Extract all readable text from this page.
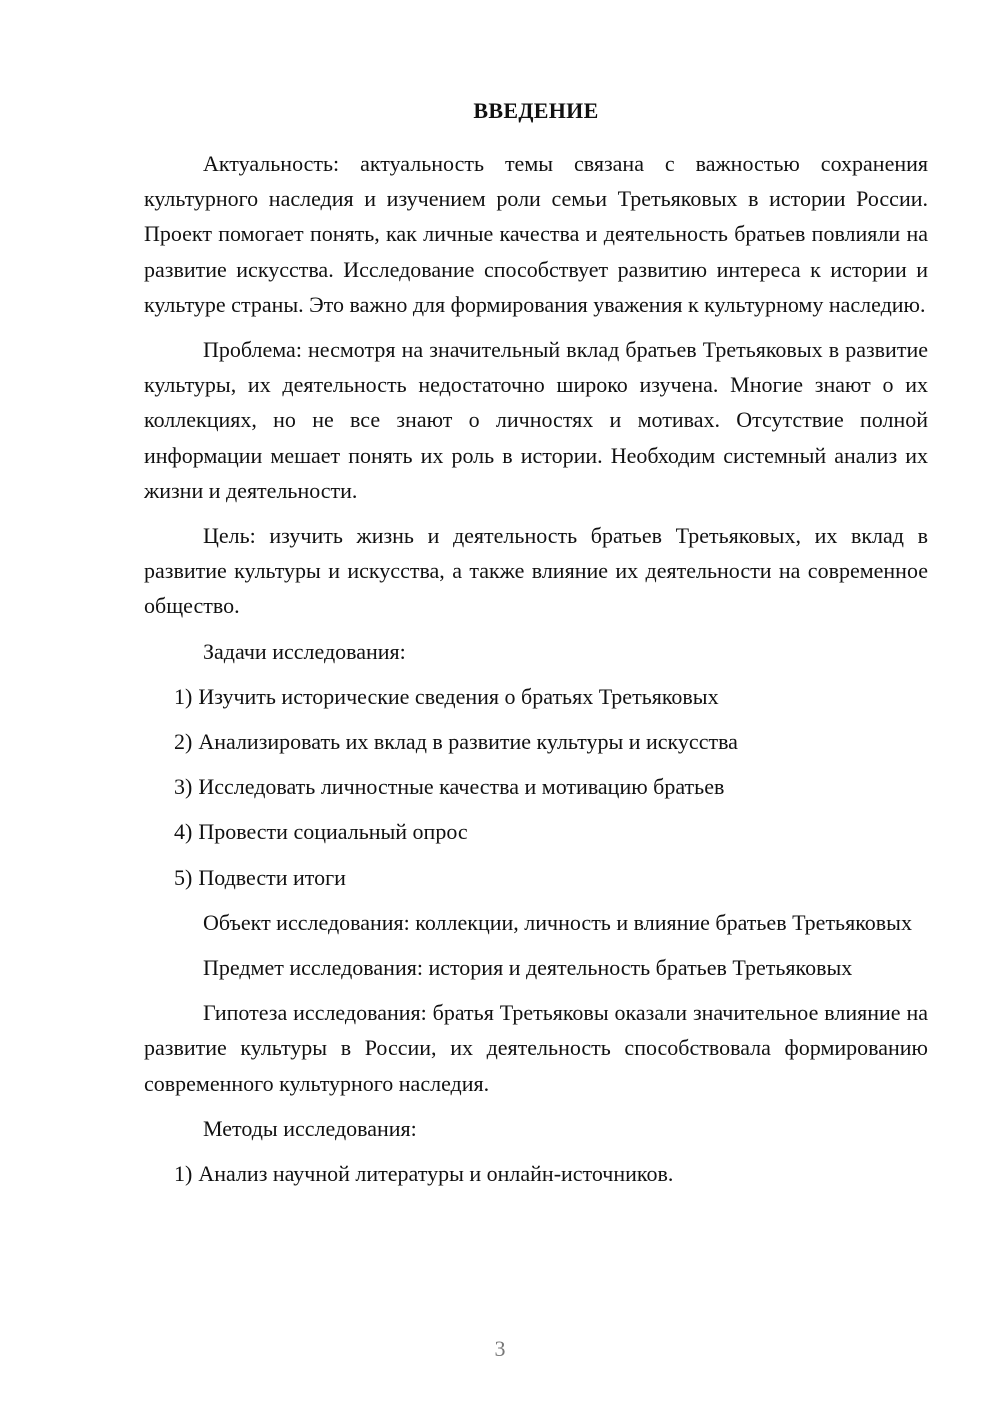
ВВЕДЕНИЕ

Актуальность: актуальность темы связана с важностью сохранения культурного наследия и изучением роли семьи Третьяковых в истории России. Проект помогает понять, как личные качества и деятельность братьев повлияли на развитие искусства. Исследование способствует развитию интереса к истории и культуре страны. Это важно для формирования уважения к культурному наследию.

Проблема: несмотря на значительный вклад братьев Третьяковых в развитие культуры, их деятельность недостаточно широко изучена. Многие знают о их коллекциях, но не все знают о личностях и мотивах. Отсутствие полной информации мешает понять их роль в истории. Необходим системный анализ их жизни и деятельности.

Цель: изучить жизнь и деятельность братьев Третьяковых, их вклад в развитие культуры и искусства, а также влияние их деятельности на современное общество.

Задачи исследования:

1) Изучить исторические сведения о братьях Третьяковых

2) Анализировать их вклад в развитие культуры и искусства

3) Исследовать личностные качества и мотивацию братьев

4) Провести социальный опрос

5) Подвести итоги

Объект исследования: коллекции, личность и влияние братьев Третьяковых

Предмет исследования: история и деятельность братьев Третьяковых

Гипотеза исследования: братья Третьяковы оказали значительное влияние на развитие культуры в России, их деятельность способствовала формированию современного культурного наследия.

Методы исследования:

1) Анализ научной литературы и онлайн-источников.

3
